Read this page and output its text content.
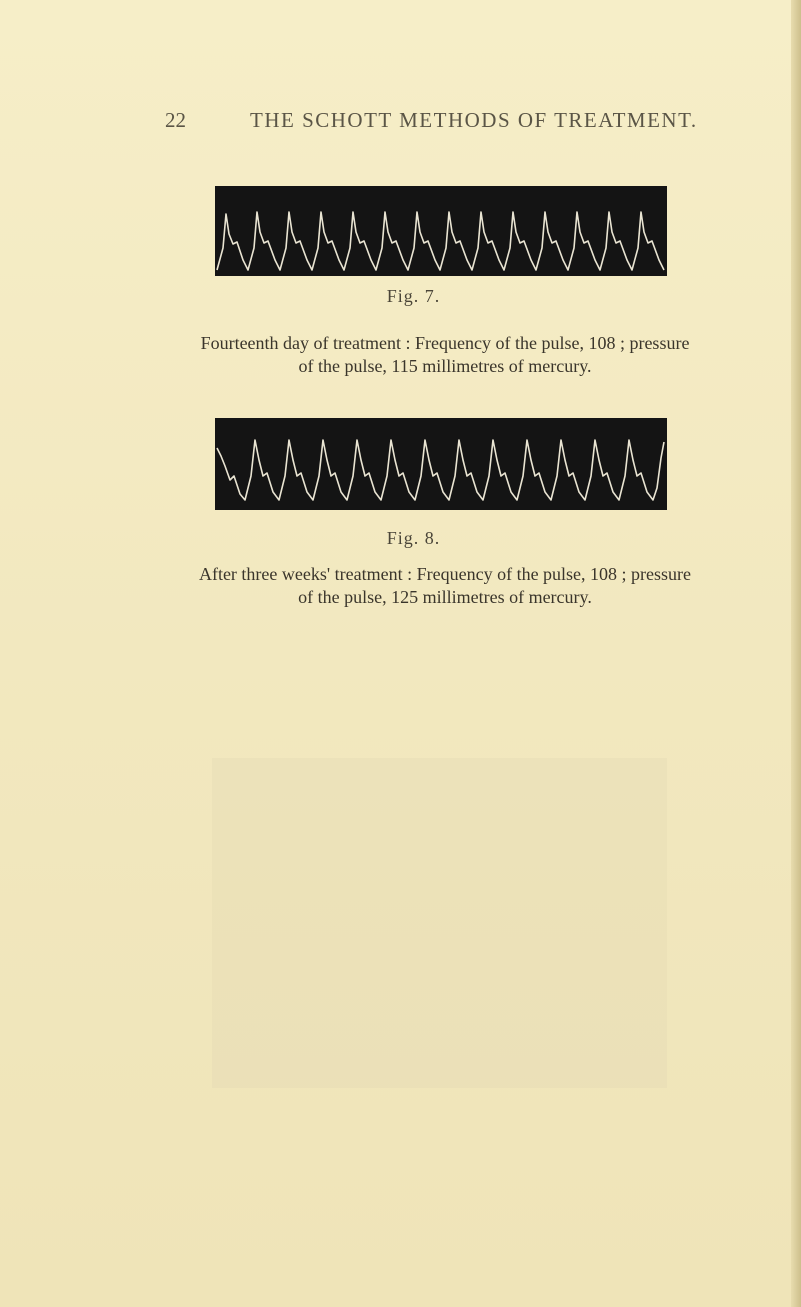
22	THE SCHOTT METHODS OF TREATMENT.
Fig. 7.
Fourteenth day of treatment : Frequency of the pulse, 108 ; pressure
of the pulse, 115 millimetres of mercury.
Fig. 8.
After three weeks' treatment : Frequency of the pulse, 108 ; pressure
of the pulse, 125 millimetres of mercury.
